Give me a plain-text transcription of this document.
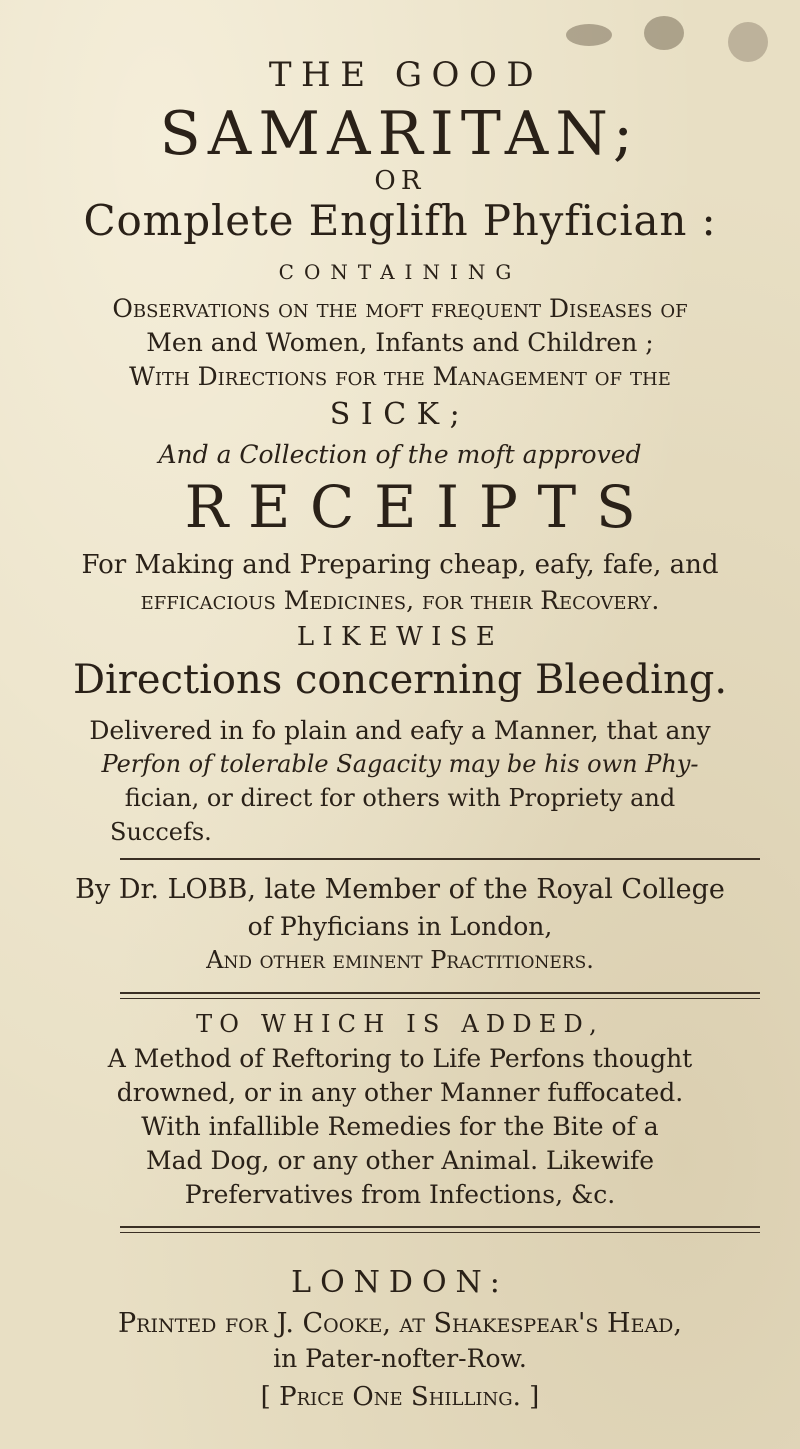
THE GOOD
SAMARITAN;
OR
Complete Englifh Phyfician :
CONTAINING
Observations on the moft frequent Diseases of
Men and Women, Infants and Children ;
With Directions for the Management of the
SICK;
And a Collection of the moft approved
RECEIPTS
For Making and Preparing cheap, eafy, fafe, and
efficacious Medicines, for their Recovery.
LIKEWISE
Directions concerning Bleeding.
Delivered in fo plain and eafy a Manner, that any
Perfon of tolerable Sagacity may be his own Phy-
fician, or direct for others with Propriety and
Succefs.
By Dr. LOBB, late Member of the Royal College
of Phyficians in London,
And other eminent Practitioners.
TO WHICH IS ADDED,
A Method of Reftoring to Life Perfons thought
drowned, or in any other Manner fuffocated.
With infallible Remedies for the Bite of a
Mad Dog, or any other Animal. Likewife
Prefervatives from Infections, &c.
LONDON:
Printed for J. Cooke, at Shakespear's Head,
in Pater-nofter-Row.
[ Price One Shilling. ]
